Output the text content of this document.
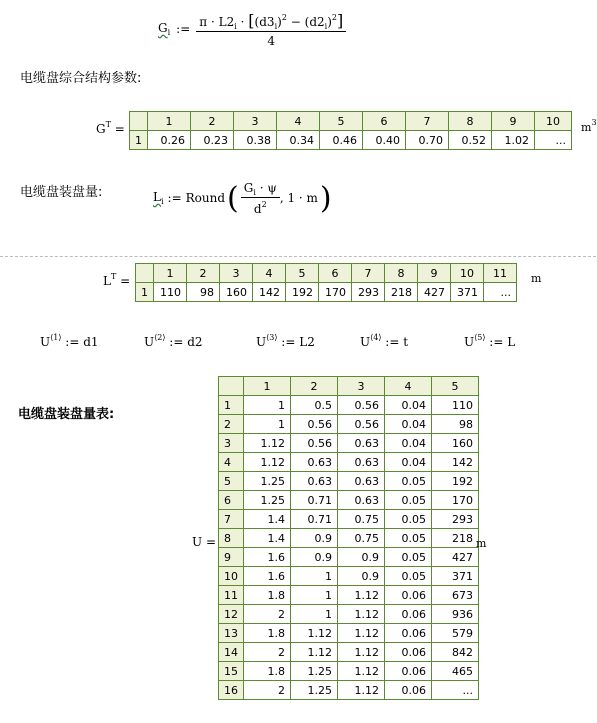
$G_i$ :=
$\pi \cdot L2_i \cdot [(d3_i)^2 - (d2_i)^2]$
4
电缆盘综合结构参数:
$G^T$ =
	1	2	3	4	5	6	7	8	9	10
1	0.26	0.23	0.38	0.34	0.46	0.40	0.70	0.52	1.02	...
$m^3$
电缆盘装盘量:	$L_i$ := Round ( $\frac{G_i \cdot \psi}{d^2}$ , 1 · m )
$L^T$ =
	1	2	3	4	5	6	7	8	9	10	11
1	110	98	160	142	192	170	293	218	427	371	...
m
$U^{⟨1⟩}$ := d1	$U^{⟨2⟩}$ := d2	$U^{⟨3⟩}$ := L2	$U^{⟨4⟩}$ := t	$U^{⟨5⟩}$ := L
电缆盘装盘量表:
U =
	1	2	3	4	5
1	1	0.5	0.56	0.04	110
2	1	0.56	0.56	0.04	98
3	1.12	0.56	0.63	0.04	160
4	1.12	0.63	0.63	0.04	142
5	1.25	0.63	0.63	0.05	192
6	1.25	0.71	0.63	0.05	170
7	1.4	0.71	0.75	0.05	293
8	1.4	0.9	0.75	0.05	218
9	1.6	0.9	0.9	0.05	427
10	1.6	1	0.9	0.05	371
11	1.8	1	1.12	0.06	673
12	2	1	1.12	0.06	936
13	1.8	1.12	1.12	0.06	579
14	2	1.12	1.12	0.06	842
15	1.8	1.25	1.12	0.06	465
16	2	1.25	1.12	0.06	...
m
